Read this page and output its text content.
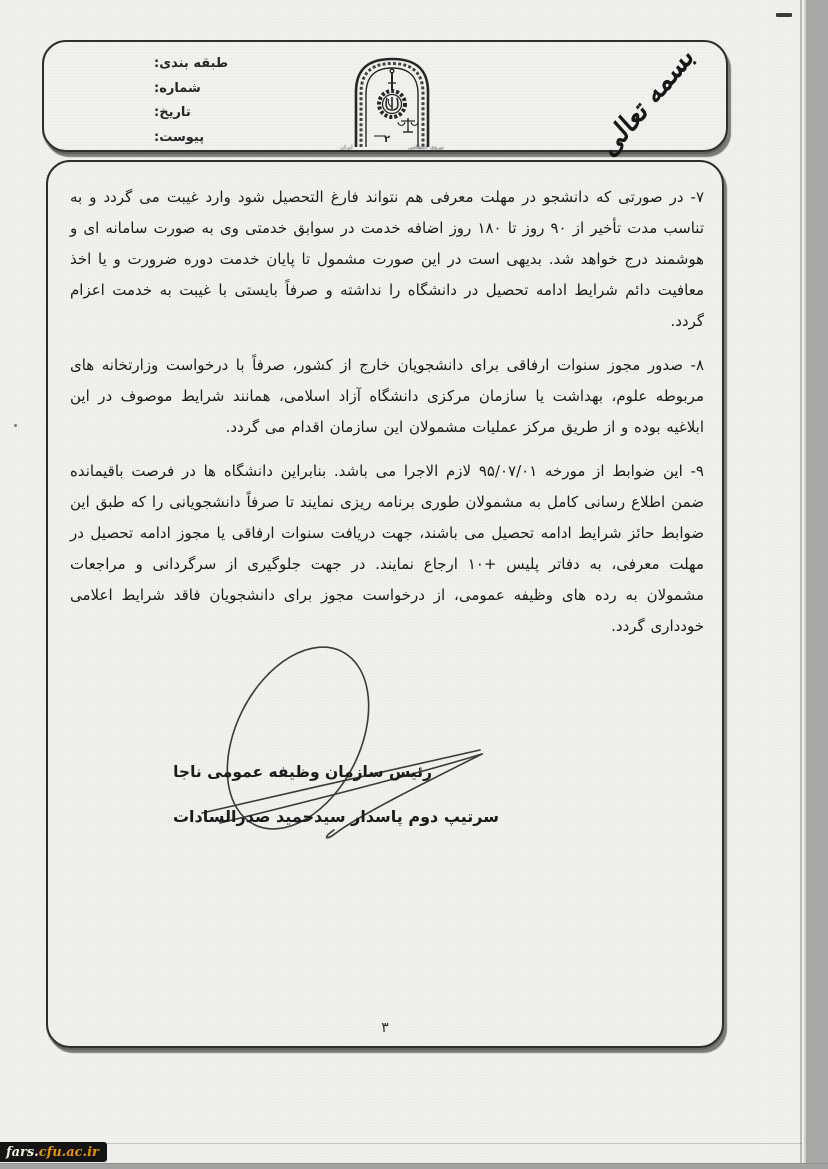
طبقه بندی:
شماره:
تاریخ:
پیوست:	۲
نیروی انتظامی
ایران	بسمه تعالی

۷- در صورتی که دانشجو در مهلت معرفی هم نتواند فارغ التحصیل شود وارد غیبت می گردد و به تناسب مدت تأخیر از ۹۰ روز تا ۱۸۰ روز اضافه خدمت در سوابق خدمتی وی به صورت سامانه ای و هوشمند درج خواهد شد. بدیهی است در این صورت مشمول تا پایان خدمت دوره ضرورت و یا اخذ معافیت دائم شرایط ادامه تحصیل در دانشگاه را نداشته و صرفاً بایستی با غیبت به خدمت اعزام گردد.

۸- صدور مجوز سنوات ارفاقی برای دانشجویان خارج از کشور، صرفاً با درخواست وزارتخانه های مربوطه علوم، بهداشت یا سازمان مرکزی دانشگاه آزاد اسلامی، همانند شرایط موصوف در این ابلاغیه بوده و از طریق مرکز عملیات مشمولان این سازمان اقدام می گردد.

۹- این ضوابط از مورخه ۹۵/۰۷/۰۱ لازم الاجرا می باشد. بنابراین دانشگاه ها در فرصت باقیمانده ضمن اطلاع رسانی کامل به مشمولان طوری برنامه ریزی نمایند تا صرفاً دانشجویانی را که طبق این ضوابط حائز شرایط ادامه تحصیل می باشند، جهت دریافت سنوات ارفاقی یا مجوز ادامه تحصیل در مهلت معرفی، به دفاتر پلیس +۱۰ ارجاع نمایند. در جهت جلوگیری از سرگردانی و مراجعات مشمولان به رده های وظیفه عمومی، از درخواست مجوز برای دانشجویان فاقد شرایط اعلامی خودداری گردد.

رئیس سازمان وظیفه عمومی ناجا
سرتیپ دوم پاسدار سیدحمید صدرالسادات
۳
fars. cfu.ac.ir
